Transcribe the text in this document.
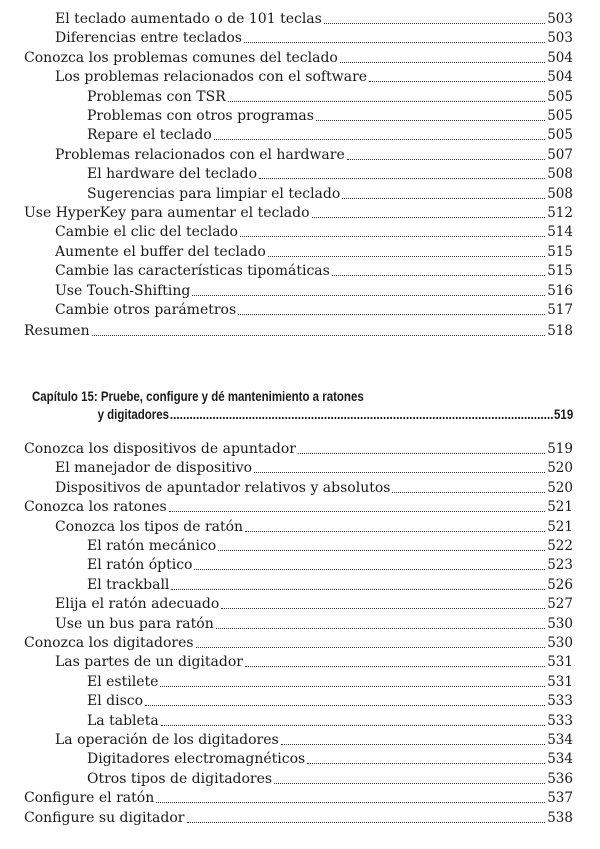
El teclado aumentado o de 101 teclas	503
Diferencias entre teclados	503
Conozca los problemas comunes del teclado	504
Los problemas relacionados con el software	504
Problemas con TSR	505
Problemas con otros programas	505
Repare el teclado	505
Problemas relacionados con el hardware	507
El hardware del teclado	508
Sugerencias para limpiar el teclado	508
Use HyperKey para aumentar el teclado	512
Cambie el clic del teclado	514
Aumente el buffer del teclado	515
Cambie las características tipomáticas	515
Use Touch-Shifting	516
Cambie otros parámetros	517
Resumen	518
Capítulo 15: Pruebe, configure y dé mantenimiento a ratones
y digitadores	519
Conozca los dispositivos de apuntador	519
El manejador de dispositivo	520
Dispositivos de apuntador relativos y absolutos	520
Conozca los ratones	521
Conozca los tipos de ratón	521
El ratón mecánico	522
El ratón óptico	523
El trackball	526
Elija el ratón adecuado	527
Use un bus para ratón	530
Conozca los digitadores	530
Las partes de un digitador	531
El estilete	531
El disco	533
La tableta	533
La operación de los digitadores	534
Digitadores electromagnéticos	534
Otros tipos de digitadores	536
Configure el ratón	537
Configure su digitador	538
